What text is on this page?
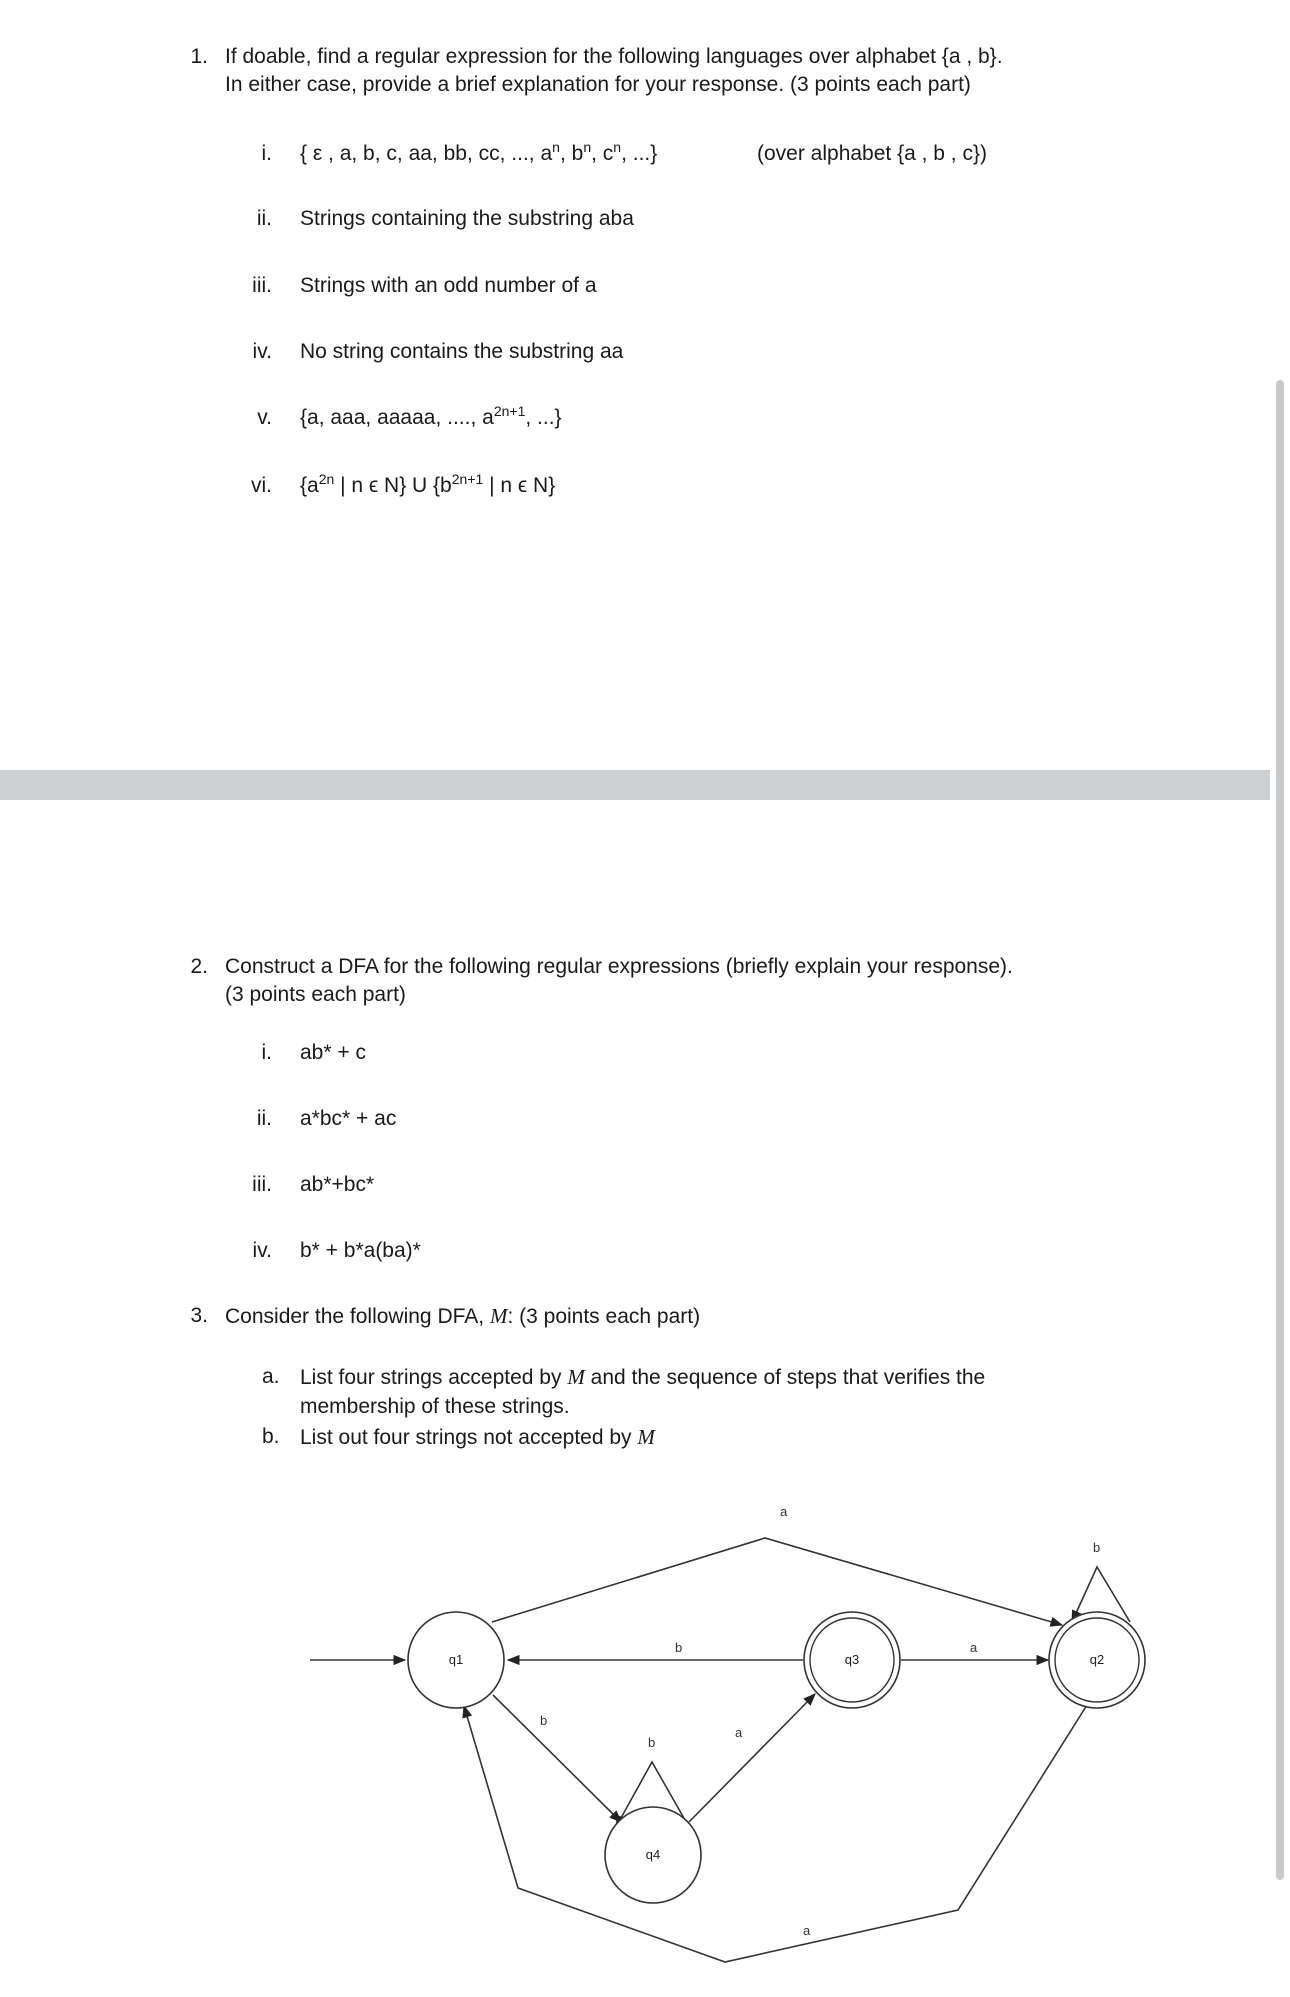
1. If doable, find a regular expression for the following languages over alphabet {a , b}.
In either case, provide a brief explanation for your response. (3 points each part)
i. { ε , a, b, c, aa, bb, cc, ..., $a^n$, $b^n$, $c^n$, ...}	(over alphabet {a , b , c})
ii. Strings containing the substring aba
iii. Strings with an odd number of a
iv. No string contains the substring aa
v. {a, aaa, aaaaa, ...., $a^{2n+1}$, ...}
vi. {$a^{2n}$ | n ϵ N} U {$b^{2n+1}$ | n ϵ N}
2. Construct a DFA for the following regular expressions (briefly explain your response).
(3 points each part)
i. ab* + c
ii. a*bc* + ac
iii. ab*+bc*
iv. b* + b*a(ba)*
3. Consider the following DFA, M: (3 points each part)
a. List four strings accepted by M and the sequence of steps that verifies the
membership of these strings.
b. List out four strings not accepted by M
a
b
b	a
b
b
a
a
q1	q3	q2
q4
